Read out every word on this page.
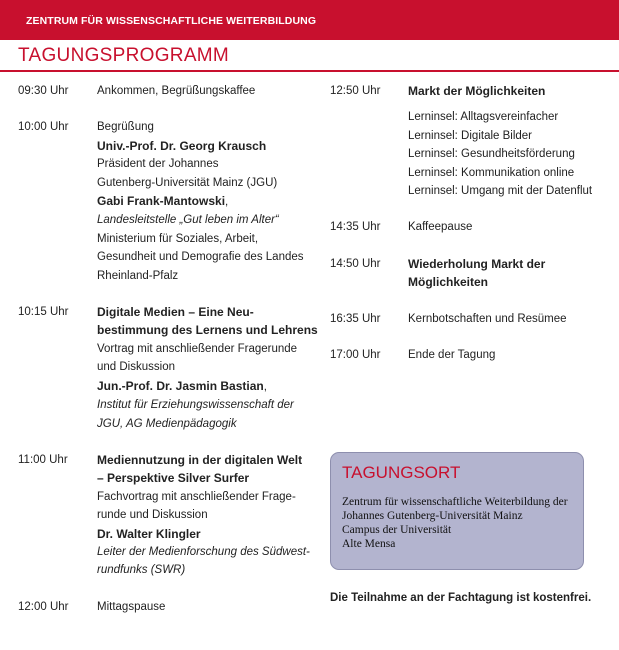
ZENTRUM FÜR WISSENSCHAFTLICHE WEITERBILDUNG
TAGUNGSPROGRAMM
09:30 Uhr	Ankommen, Begrüßungskaffee
10:00 Uhr	Begrüßung
Univ.-Prof. Dr. Georg Krausch
Präsident der Johannes
Gutenberg-Universität Mainz (JGU)
Gabi Frank-Mantowski,
Landesleitstelle „Gut leben im Alter“
Ministerium für Soziales, Arbeit,
Gesundheit und Demografie des Landes
Rheinland-Pfalz
10:15 Uhr	Digitale Medien – Eine Neu-
bestimmung des Lernens und Lehrens
Vortrag mit anschließender Fragerunde
und Diskussion
Jun.-Prof. Dr. Jasmin Bastian,
Institut für Erziehungswissenschaft der
JGU, AG Medienpädagogik
11:00 Uhr	Mediennutzung in der digitalen Welt
– Perspektive Silver Surfer
Fachvortrag mit anschließender Frage-
runde und Diskussion
Dr. Walter Klingler
Leiter der Medienforschung des Südwest-
rundfunks (SWR)
12:00 Uhr	Mittagspause
12:50 Uhr	Markt der Möglichkeiten
Lerninsel: Alltagsvereinfacher
Lerninsel: Digitale Bilder
Lerninsel: Gesundheitsförderung
Lerninsel: Kommunikation online
Lerninsel: Umgang mit der Datenflut
14:35 Uhr	Kaffeepause
14:50 Uhr	Wiederholung Markt der
Möglichkeiten
16:35 Uhr	Kernbotschaften und Resümee
17:00 Uhr	Ende der Tagung
TAGUNGSORT
Zentrum für wissenschaftliche Weiterbildung der
Johannes Gutenberg-Universität Mainz
Campus der Universität
Alte Mensa

Die Teilnahme an der Fachtagung ist kostenfrei.
